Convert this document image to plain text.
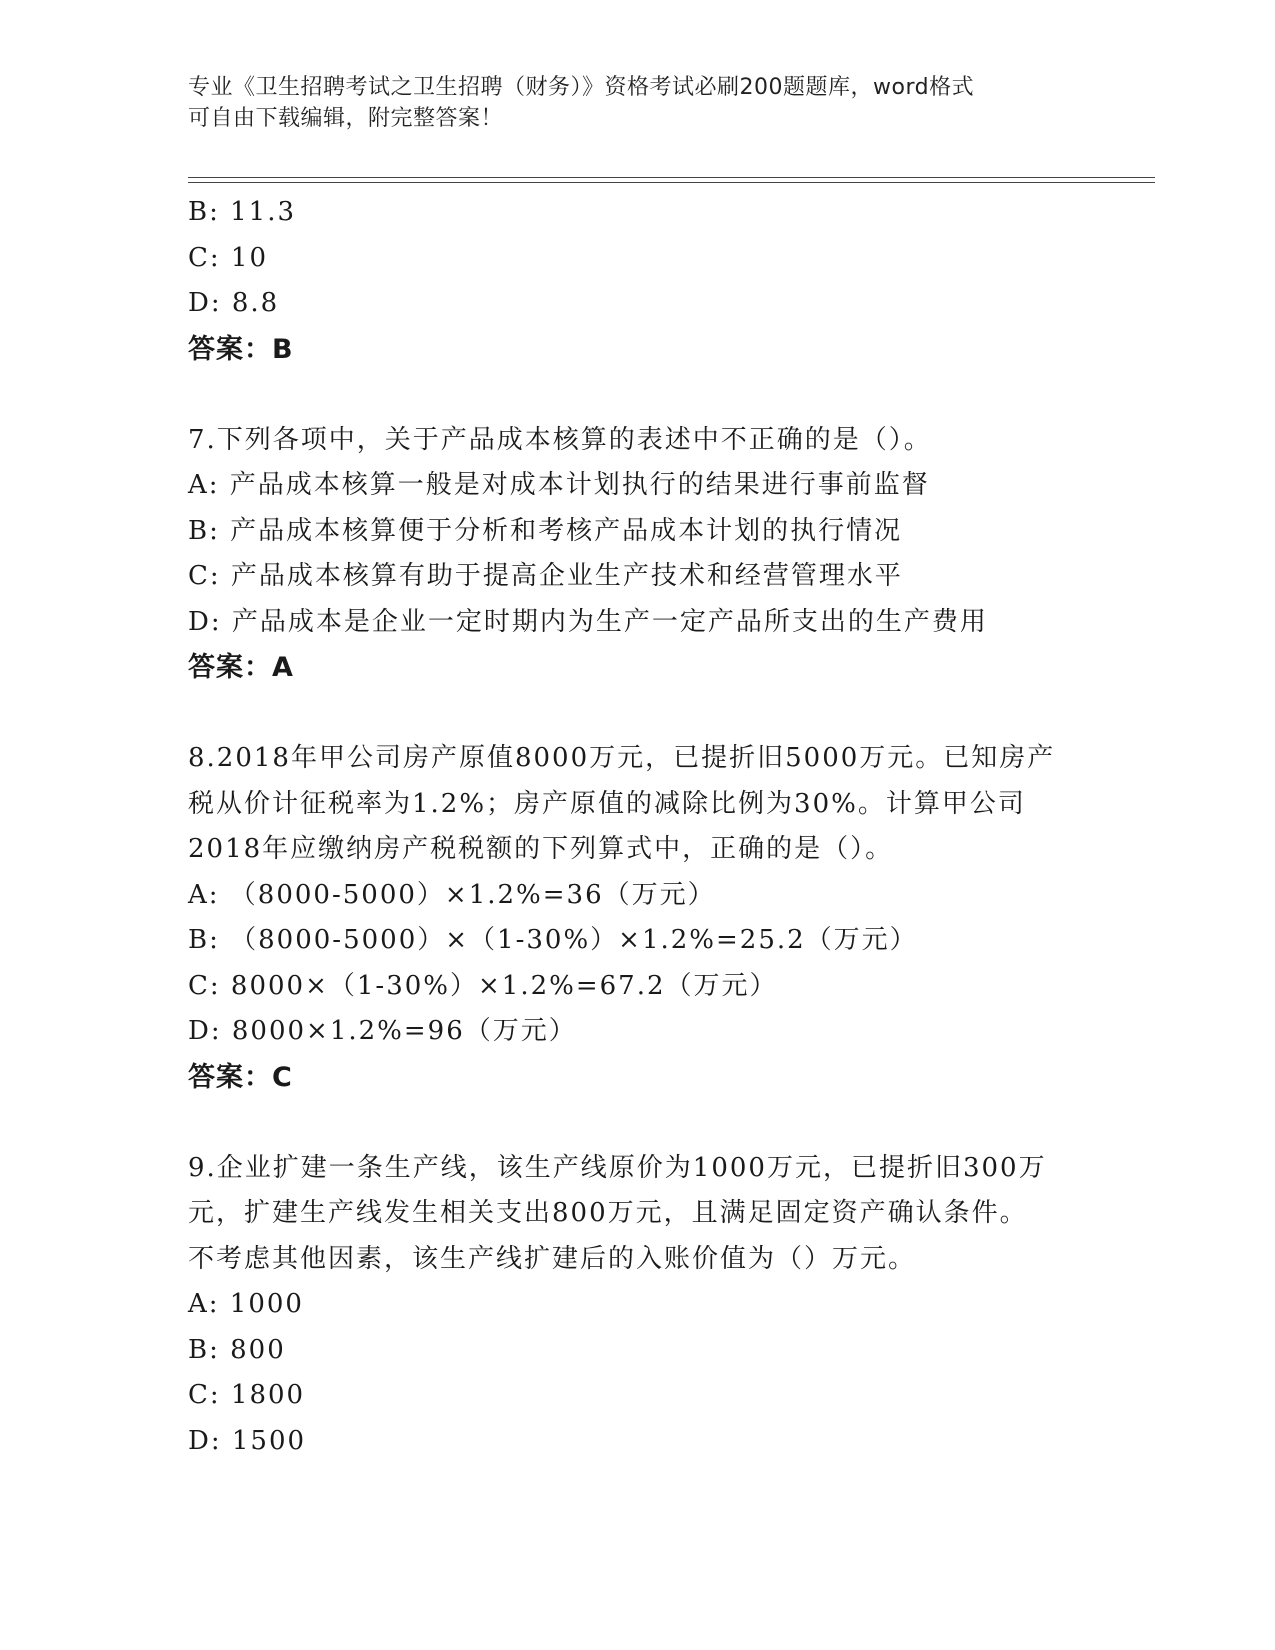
专业《卫生招聘考试之卫生招聘（财务）》资格考试必刷200题题库，word格式
可自由下载编辑，附完整答案！
B: 11.3
C: 10
D: 8.8
答案：B
7.下列各项中，关于产品成本核算的表述中不正确的是（）。
A: 产品成本核算一般是对成本计划执行的结果进行事前监督
B: 产品成本核算便于分析和考核产品成本计划的执行情况
C: 产品成本核算有助于提高企业生产技术和经营管理水平
D: 产品成本是企业一定时期内为生产一定产品所支出的生产费用
答案：A
8.2018年甲公司房产原值8000万元，已提折旧5000万元。已知房产
税从价计征税率为1.2%；房产原值的减除比例为30%。计算甲公司
2018年应缴纳房产税税额的下列算式中，正确的是（）。
A: （8000-5000）×1.2%=36（万元）
B: （8000-5000）×（1-30%）×1.2%=25.2（万元）
C: 8000×（1-30%）×1.2%=67.2（万元）
D: 8000×1.2%=96（万元）
答案：C
9.企业扩建一条生产线，该生产线原价为1000万元，已提折旧300万
元，扩建生产线发生相关支出800万元，且满足固定资产确认条件。
不考虑其他因素，该生产线扩建后的入账价值为（）万元。
A: 1000
B: 800
C: 1800
D: 1500
